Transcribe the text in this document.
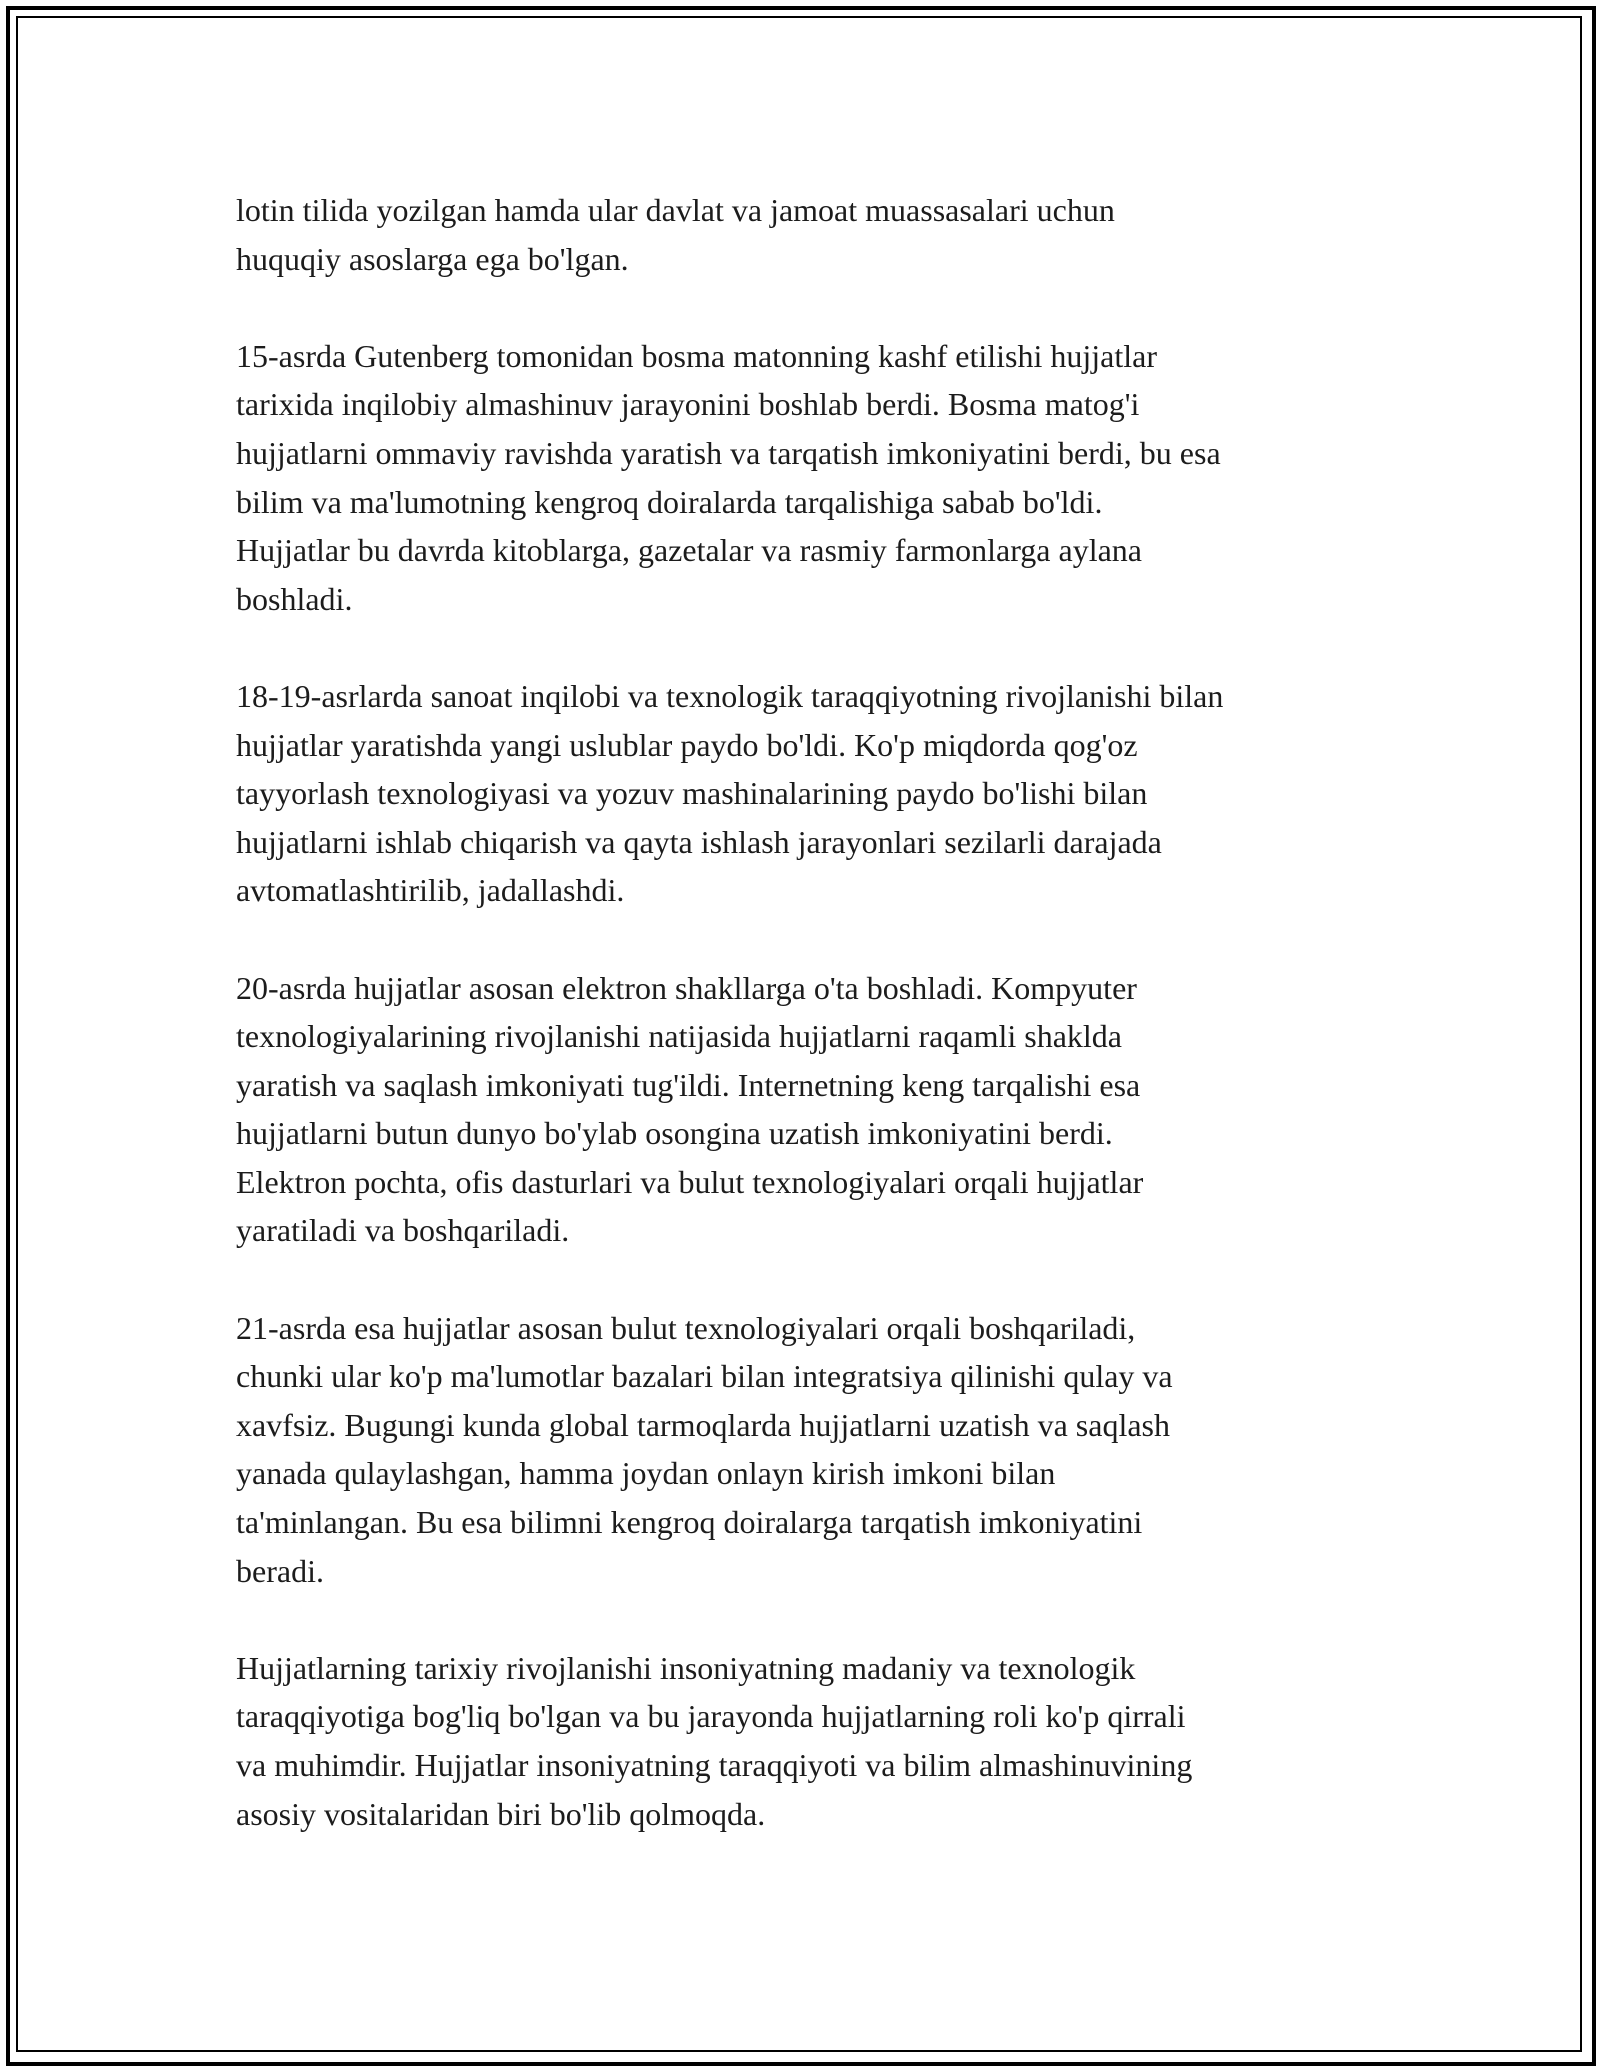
lotin tilida yozilgan hamda ular davlat va jamoat muassasalari uchun
huquqiy asoslarga ega bo'lgan.
15-asrda Gutenberg tomonidan bosma matonning kashf etilishi hujjatlar
tarixida inqilobiy almashinuv jarayonini boshlab berdi. Bosma matog'i
hujjatlarni ommaviy ravishda yaratish va tarqatish imkoniyatini berdi, bu esa
bilim va ma'lumotning kengroq doiralarda tarqalishiga sabab bo'ldi.
Hujjatlar bu davrda kitoblarga, gazetalar va rasmiy farmonlarga aylana
boshladi.
18-19-asrlarda sanoat inqilobi va texnologik taraqqiyotning rivojlanishi bilan
hujjatlar yaratishda yangi uslublar paydo bo'ldi. Ko'p miqdorda qog'oz
tayyorlash texnologiyasi va yozuv mashinalarining paydo bo'lishi bilan
hujjatlarni ishlab chiqarish va qayta ishlash jarayonlari sezilarli darajada
avtomatlashtirilib, jadallashdi.
20-asrda hujjatlar asosan elektron shakllarga o'ta boshladi. Kompyuter
texnologiyalarining rivojlanishi natijasida hujjatlarni raqamli shaklda
yaratish va saqlash imkoniyati tug'ildi. Internetning keng tarqalishi esa
hujjatlarni butun dunyo bo'ylab osongina uzatish imkoniyatini berdi.
Elektron pochta, ofis dasturlari va bulut texnologiyalari orqali hujjatlar
yaratiladi va boshqariladi.
21-asrda esa hujjatlar asosan bulut texnologiyalari orqali boshqariladi,
chunki ular ko'p ma'lumotlar bazalari bilan integratsiya qilinishi qulay va
xavfsiz. Bugungi kunda global tarmoqlarda hujjatlarni uzatish va saqlash
yanada qulaylashgan, hamma joydan onlayn kirish imkoni bilan
ta'minlangan. Bu esa bilimni kengroq doiralarga tarqatish imkoniyatini
beradi.
Hujjatlarning tarixiy rivojlanishi insoniyatning madaniy va texnologik
taraqqiyotiga bog'liq bo'lgan va bu jarayonda hujjatlarning roli ko'p qirrali
va muhimdir. Hujjatlar insoniyatning taraqqiyoti va bilim almashinuvining
asosiy vositalaridan biri bo'lib qolmoqda.
